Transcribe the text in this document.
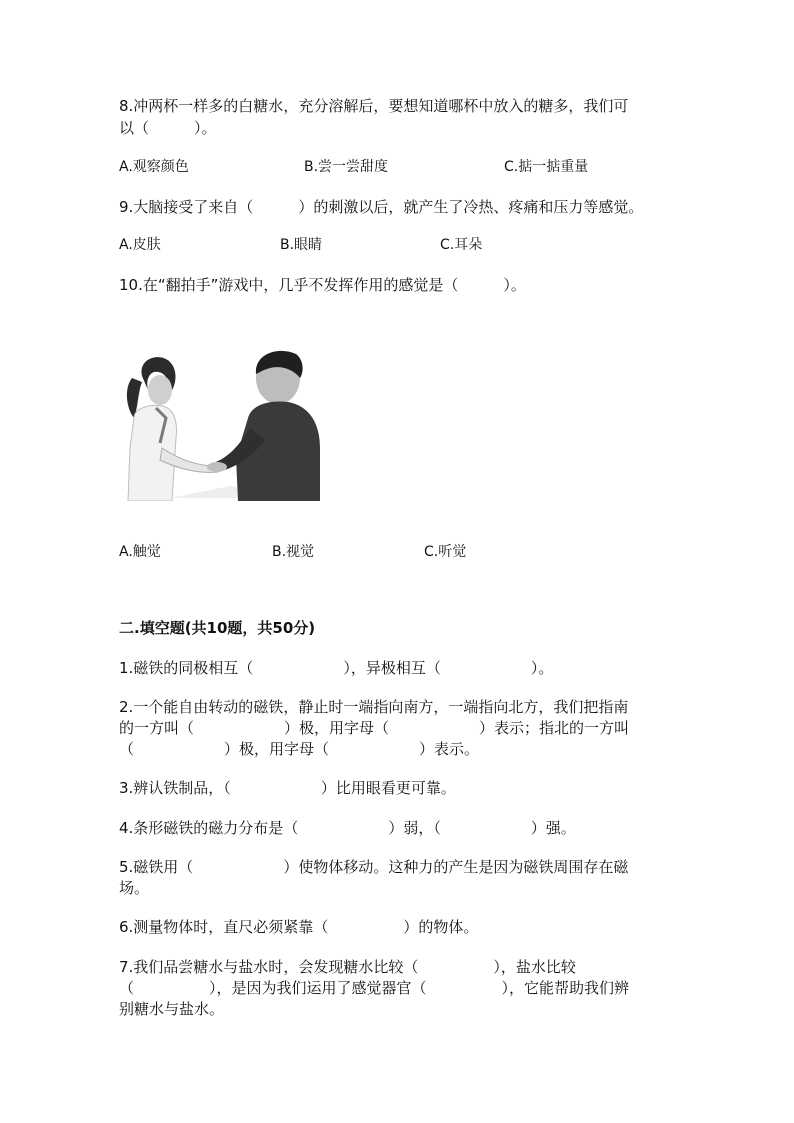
8.冲两杯一样多的白糖水，充分溶解后，要想知道哪杯中放入的糖多，我们可
以（　　　）。
A.观察颜色	B.尝一尝甜度	C.掂一掂重量
9.大脑接受了来自（　　　）的刺激以后，就产生了冷热、疼痛和压力等感觉。
A.皮肤	B.眼睛	C.耳朵
10.在“翻拍手”游戏中，几乎不发挥作用的感觉是（　　　）。
A.触觉	B.视觉	C.听觉
二.填空题(共10题，共50分)
1.磁铁的同极相互（　　　　　　），异极相互（　　　　　　）。
2.一个能自由转动的磁铁，静止时一端指向南方，一端指向北方，我们把指南
的一方叫（　　　　　　）极，用字母（　　　　　　）表示；指北的一方叫
（　　　　　　）极，用字母（　　　　　　）表示。
3.辨认铁制品，（　　　　　　）比用眼看更可靠。
4.条形磁铁的磁力分布是（　　　　　　）弱，（　　　　　　）强。
5.磁铁用（　　　　　　）使物体移动。这种力的产生是因为磁铁周围存在磁
场。
6.测量物体时，直尺必须紧靠（　　　　　）的物体。
7.我们品尝糖水与盐水时，会发现糖水比较（　　　　　），盐水比较
（　　　　　），是因为我们运用了感觉器官（　　　　　），它能帮助我们辨
别糖水与盐水。
